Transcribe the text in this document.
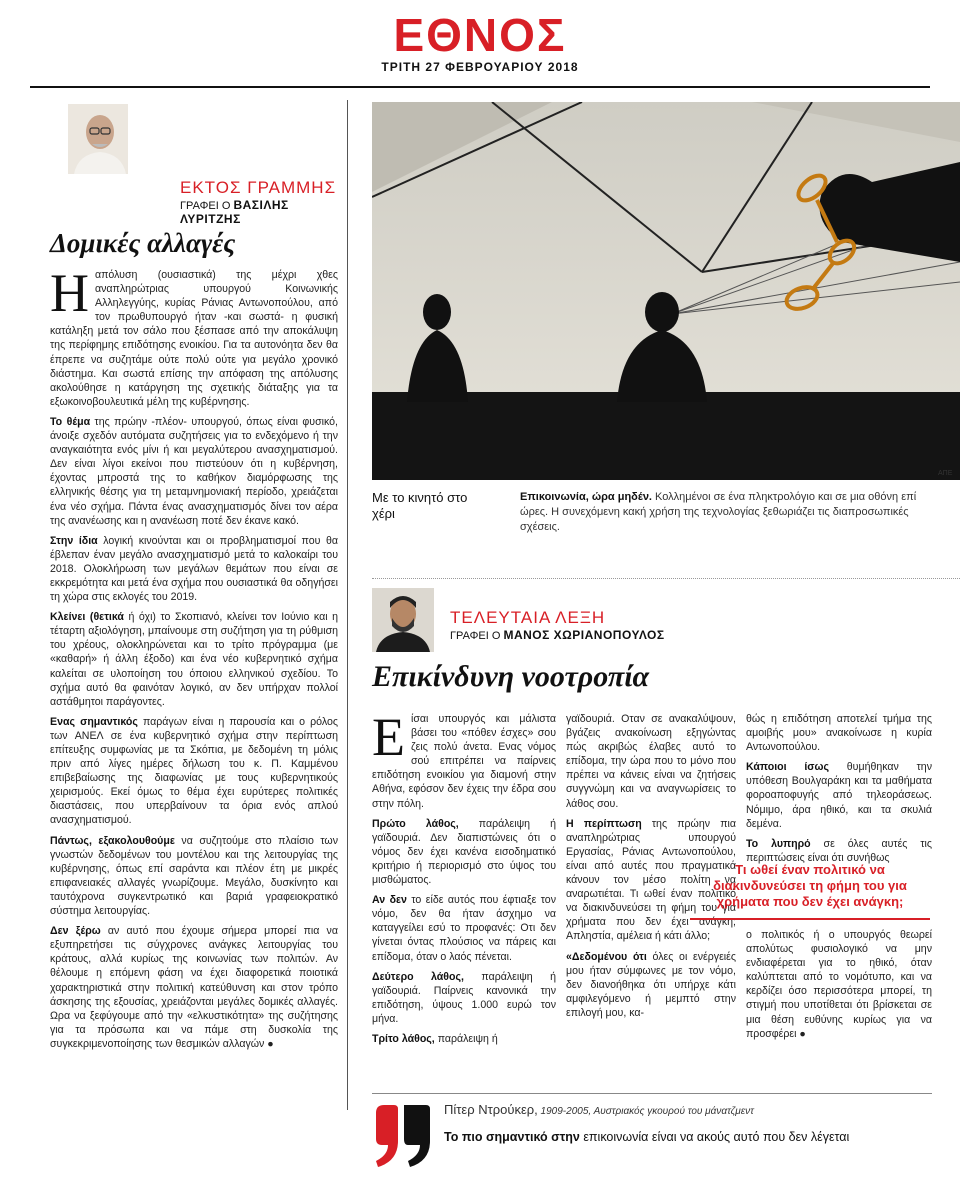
ΕΘΝΟΣ
ΤΡΙΤΗ 27 ΦΕΒΡΟΥΑΡΙΟΥ 2018
ΕΚΤΟΣ ΓΡΑΜΜΗΣ
ΓΡΑΦΕΙ Ο ΒΑΣΙΛΗΣ ΛΥΡΙΤΖΗΣ
Δομικές αλλαγές

Ηαπόλυση (ουσιαστικά) της μέχρι χθες αναπληρώτριας υπουργού Κοινωνικής Αλληλεγγύης, κυρίας Ράνιας Αντωνοπούλου, από τον πρωθυπουργό ήταν -και σωστά- η φυσική κατάληξη μετά τον σάλο που ξέσπασε από την αποκάλυψη της περίφημης επιδότησης ενοικίου. Για τα αυτονόητα δεν θα έπρεπε να συζητάμε ούτε πολύ ούτε για μεγάλο χρονικό διάστημα. Και σωστά επίσης την απόφαση της απόλυσης ακολούθησε η κατάργηση της σχετικής διάταξης για τα εξωκοινοβουλευτικά μέλη της κυβέρνησης.

Το θέμα της πρώην -πλέον- υπουργού, όπως είναι φυσικό, άνοιξε σχεδόν αυτόματα συζητήσεις για το ενδεχόμενο ή την αναγκαιότητα ενός μίνι ή και μεγαλύτερου ανασχηματισμού. Δεν είναι λίγοι εκείνοι που πιστεύουν ότι η κυβέρνηση, έχοντας μπροστά της το καθήκον διαμόρφωσης της ελληνικής θέσης για τη μεταμνημονιακή περίοδο, χρειάζεται ένα νέο σχήμα. Πάντα ένας ανασχηματισμός δίνει τον αέρα της ανανέωσης και η ανανέωση ποτέ δεν έκανε κακό.

Στην ίδια λογική κινούνται και οι προβληματισμοί που θα έβλεπαν έναν μεγάλο ανασχηματισμό μετά το καλοκαίρι του 2018. Ολοκλήρωση των μεγάλων θεμάτων που είναι σε εκκρεμότητα και μετά ένα σχήμα που ουσιαστικά θα οδηγήσει τη χώρα στις εκλογές του 2019.

Κλείνει (θετικά ή όχι) το Σκοπιανό, κλείνει τον Ιούνιο και η τέταρτη αξιολόγηση, μπαίνουμε στη συζήτηση για τη ρύθμιση του χρέους, ολοκληρώνεται και το τρίτο πρόγραμμα (με «καθαρή» ή άλλη έξοδο) και ένα νέο κυβερνητικό σχήμα καλείται σε υλοποίηση του όποιου ελληνικού σχεδίου. Το σχήμα αυτό θα φαινόταν λογικό, αν δεν υπήρχαν πολλοί αστάθμητοι παράγοντες.

Ενας σημαντικός παράγων είναι η παρουσία και ο ρόλος των ΑΝΕΛ σε ένα κυβερνητικό σχήμα στην περίπτωση επίτευξης συμφωνίας με τα Σκόπια, με δεδομένη τη μόλις πριν από λίγες ημέρες δήλωση του κ. Π. Καμμένου επιβεβαίωσης της διαφωνίας με τους κυβερνητικούς χειρισμούς. Εκεί όμως το θέμα έχει ευρύτερες πολιτικές διαστάσεις, που υπερβαίνουν τα όρια ενός απλού ανασχηματισμού.

Πάντως, εξακολουθούμε να συζητούμε στο πλαίσιο των γνωστών δεδομένων του μοντέλου και της λειτουργίας της κυβέρνησης, όπως επί σαράντα και πλέον έτη με μικρές επιφανειακές αλλαγές γνωρίζουμε. Μεγάλο, δυσκίνητο και ταυτόχρονα συγκεντρωτικό και βαριά γραφειοκρατικό σύστημα λειτουργίας.

Δεν ξέρω αν αυτό που έχουμε σήμερα μπορεί πια να εξυπηρετήσει τις σύγχρονες ανάγκες λειτουργίας του κράτους, αλλά κυρίως της κοινωνίας των πολιτών. Αν θέλουμε η επόμενη φάση να έχει διαφορετικά ποιοτικά χαρακτηριστικά στην πολιτική κατεύθυνση και στον τρόπο άσκησης της εξουσίας, χρειάζονται μεγάλες δομικές αλλαγές. Ωρα να ξεφύγουμε από την «ελκυστικότητα» της συζήτησης για τα πρόσωπα και να πάμε στη δυσκολία της συγκεκριμενοποίησης των θεσμικών αλλαγών ●

ΑΠΕ
Με το κινητό στο χέρι
Επικοινωνία, ώρα μηδέν. Κολλημένοι σε ένα πληκτρολόγιο και σε μια οθόνη επί ώρες. Η συνεχόμενη κακή χρήση της τεχνολογίας ξεθωριάζει τις διαπροσωπικές σχέσεις.
ΤΕΛΕΥΤΑΙΑ ΛΕΞΗ
ΓΡΑΦΕΙ Ο ΜΑΝΟΣ ΧΩΡΙΑΝΟΠΟΥΛΟΣ
Επικίνδυνη νοοτροπία

Είσαι υπουργός και μάλιστα βάσει του «πόθεν έσχες» σου ζεις πολύ άνετα. Ενας νόμος σού επιτρέπει να παίρνεις επιδότηση ενοικίου για διαμονή στην Αθήνα, εφόσον δεν έχεις την έδρα σου στην πόλη.

Πρώτο λάθος, παράλειψη ή γαϊδουριά. Δεν διαπιστώνεις ότι ο νόμος δεν έχει κανένα εισοδηματικό κριτήριο ή περιορισμό στο ύψος του μισθώματος.

Αν δεν το είδε αυτός που έφτιαξε τον νόμο, δεν θα ήταν άσχημο να καταγγείλει εσύ το προφανές: Οτι δεν γίνεται όντας πλούσιος να πάρεις και επίδομα, όταν ο λαός πένεται.

Δεύτερο λάθος, παράλειψη ή γαϊδουριά. Παίρνεις κανονικά την επιδότηση, ύψους 1.000 ευρώ τον μήνα.

Τρίτο λάθος, παράλειψη ή

γαϊδουριά. Οταν σε ανακαλύψουν, βγάζεις ανακοίνωση εξηγώντας πώς ακριβώς έλαβες αυτό το επίδομα, την ώρα που το μόνο που πρέπει να κάνεις είναι να ζητήσεις συγγνώμη και να αναγνωρίσεις το λάθος σου.

Η περίπτωση της πρώην πια αναπληρώτριας υπουργού Εργασίας, Ράνιας Αντωνοπούλου, είναι από αυτές που πραγματικά κάνουν τον μέσο πολίτη να αναρωτιέται. Τι ωθεί έναν πολιτικό να διακινδυνεύσει τη φήμη του για χρήματα που δεν έχει ανάγκη; Απληστία, αμέλεια ή κάτι άλλο;

«Δεδομένου ότι όλες οι ενέργειές μου ήταν σύμφωνες με τον νόμο, δεν διανοήθηκα ότι υπήρχε κάτι αμφιλεγόμενο ή μεμπτό στην επιλογή μου, κα-

θώς η επιδότηση αποτελεί τμήμα της αμοιβής μου» ανακοίνωσε η κυρία Αντωνοπούλου.

Κάποιοι ίσως θυμήθηκαν την υπόθεση Βουλγαράκη και τα μαθήματα φοροαποφυγής από τηλεοράσεως. Νόμιμο, άρα ηθικό, και τα σκυλιά δεμένα.

Το λυπηρό σε όλες αυτές τις περιπτώσεις είναι ότι συνήθως

Τι ωθεί έναν πολιτικό να διακινδυνεύσει τη φήμη του για χρήματα που δεν έχει ανάγκη;

ο πολιτικός ή ο υπουργός θεωρεί απολύτως φυσιολογικό να μην ενδιαφέρεται για το ηθικό, όταν καλύπτεται από το νομότυπο, και να κερδίζει όσο περισσότερα μπορεί, τη στιγμή που υποτίθεται ότι βρίσκεται σε μια θέση ευθύνης κυρίως για να προσφέρει ●

Πίτερ Ντρούκερ, 1909-2005, Αυστριακός γκουρού του μάνατζμεντ
Το πιο σημαντικό στην επικοινωνία είναι να ακούς αυτό που δεν λέγεται
